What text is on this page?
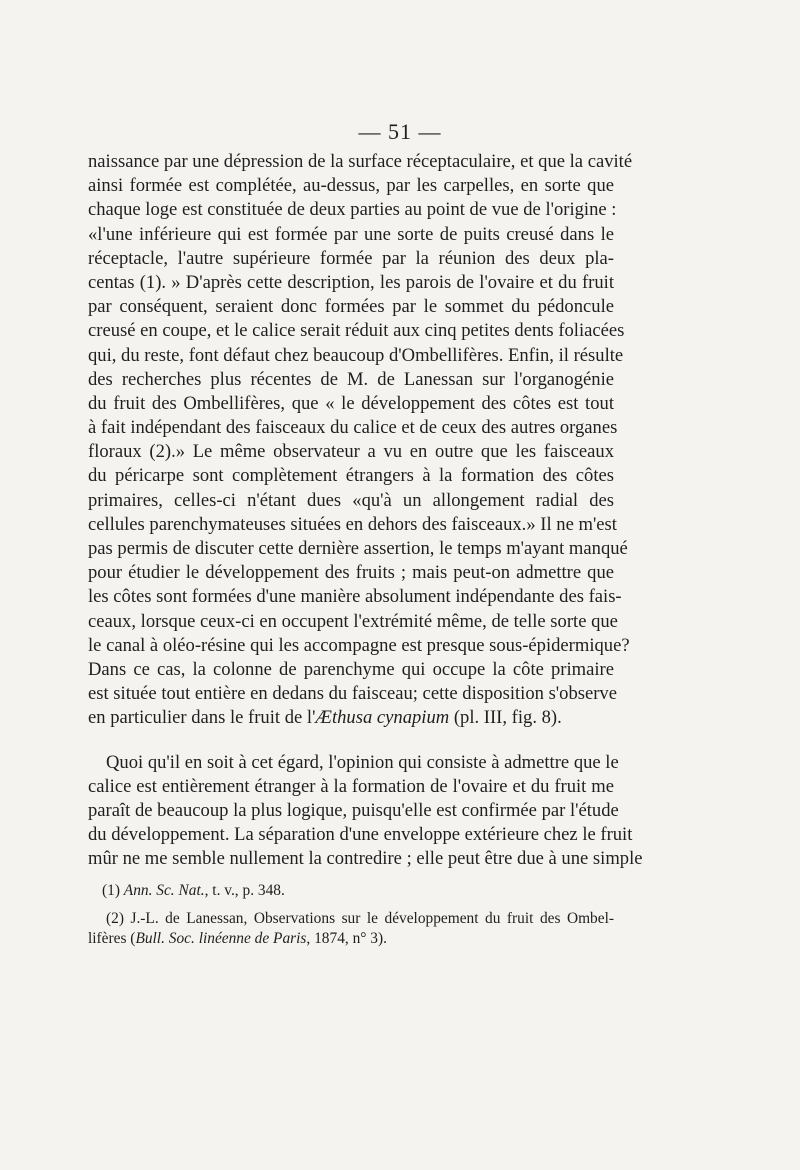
— 51 —
naissance par une dépression de la surface réceptaculaire, et que la cavité
ainsi formée est complétée, au-dessus, par les carpelles, en sorte que
chaque loge est constituée de deux parties au point de vue de l'origine :
«l'une inférieure qui est formée par une sorte de puits creusé dans le
réceptacle, l'autre supérieure formée par la réunion des deux pla-
centas (1). » D'après cette description, les parois de l'ovaire et du fruit
par conséquent, seraient donc formées par le sommet du pédoncule
creusé en coupe, et le calice serait réduit aux cinq petites dents foliacées
qui, du reste, font défaut chez beaucoup d'Ombellifères. Enfin, il résulte
des recherches plus récentes de M. de Lanessan sur l'organogénie
du fruit des Ombellifères, que « le développement des côtes est tout
à fait indépendant des faisceaux du calice et de ceux des autres organes
floraux (2).» Le même observateur a vu en outre que les faisceaux
du péricarpe sont complètement étrangers à la formation des côtes
primaires, celles-ci n'étant dues «qu'à un allongement radial des
cellules parenchymateuses situées en dehors des faisceaux.» Il ne m'est
pas permis de discuter cette dernière assertion, le temps m'ayant manqué
pour étudier le développement des fruits ; mais peut-on admettre que
les côtes sont formées d'une manière absolument indépendante des fais-
ceaux, lorsque ceux-ci en occupent l'extrémité même, de telle sorte que
le canal à oléo-résine qui les accompagne est presque sous-épidermique?
Dans ce cas, la colonne de parenchyme qui occupe la côte primaire
est située tout entière en dedans du faisceau; cette disposition s'observe
en particulier dans le fruit de l'Æthusa cynapium (pl. III, fig. 8).
Quoi qu'il en soit à cet égard, l'opinion qui consiste à admettre que le
calice est entièrement étranger à la formation de l'ovaire et du fruit me
paraît de beaucoup la plus logique, puisqu'elle est confirmée par l'étude
du développement. La séparation d'une enveloppe extérieure chez le fruit
mûr ne me semble nullement la contredire ; elle peut être due à une simple
(1) Ann. Sc. Nat., t. v., p. 348.
(2) J.-L. de Lanessan, Observations sur le développement du fruit des Ombel-
lifères (Bull. Soc. linéenne de Paris, 1874, n° 3).
